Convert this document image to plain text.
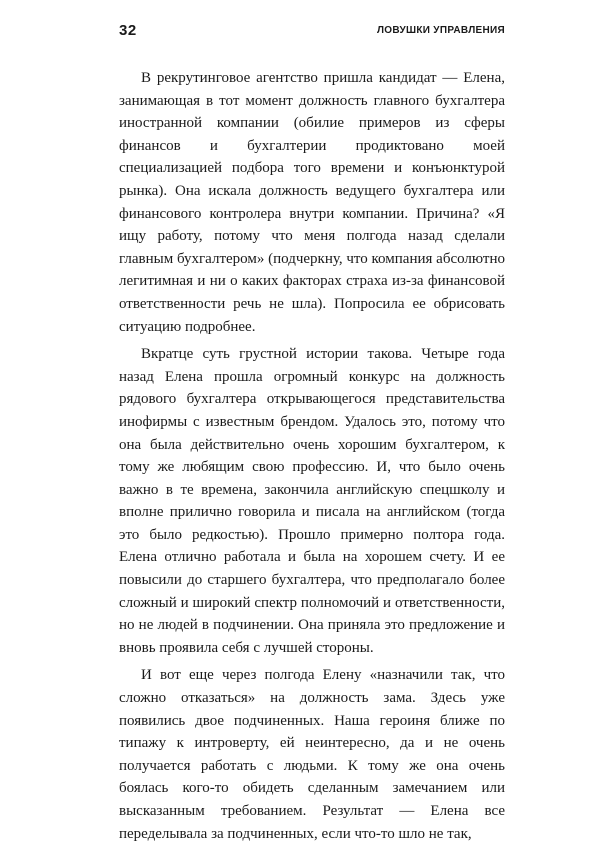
32	ЛОВУШКИ УПРАВЛЕНИЯ

В рекрутинговое агентство пришла кандидат — Елена, занимающая в тот момент должность главного бухгалтера иностранной компании (обилие примеров из сферы финансов и бухгалтерии продиктовано моей специализацией подбора того времени и конъюнктурой рынка). Она искала должность ведущего бухгалтера или финансового контролера внутри компании. Причина? «Я ищу работу, потому что меня полгода назад сделали главным бухгалтером» (подчеркну, что компания абсолютно легитимная и ни о каких факторах страха из-за финансовой ответственности речь не шла). Попросила ее обрисовать ситуацию подробнее.

Вкратце суть грустной истории такова. Четыре года назад Елена прошла огромный конкурс на должность рядового бухгалтера открывающегося представительства инофирмы с известным брендом. Удалось это, потому что она была действительно очень хорошим бухгалтером, к тому же любящим свою профессию. И, что было очень важно в те времена, закончила английскую спецшколу и вполне прилично говорила и писала на английском (тогда это было редкостью). Прошло примерно полтора года. Елена отлично работала и была на хорошем счету. И ее повысили до старшего бухгалтера, что предполагало более сложный и широкий спектр полномочий и ответственности, но не людей в подчинении. Она приняла это предложение и вновь проявила себя с лучшей стороны.

И вот еще через полгода Елену «назначили так, что сложно отказаться» на должность зама. Здесь уже появились двое подчиненных. Наша героиня ближе по типажу к интроверту, ей неинтересно, да и не очень получается работать с людьми. К тому же она очень боялась кого-то обидеть сделанным замечанием или высказанным требованием. Результат — Елена все переделывала за подчиненных, если что-то шло не так,
